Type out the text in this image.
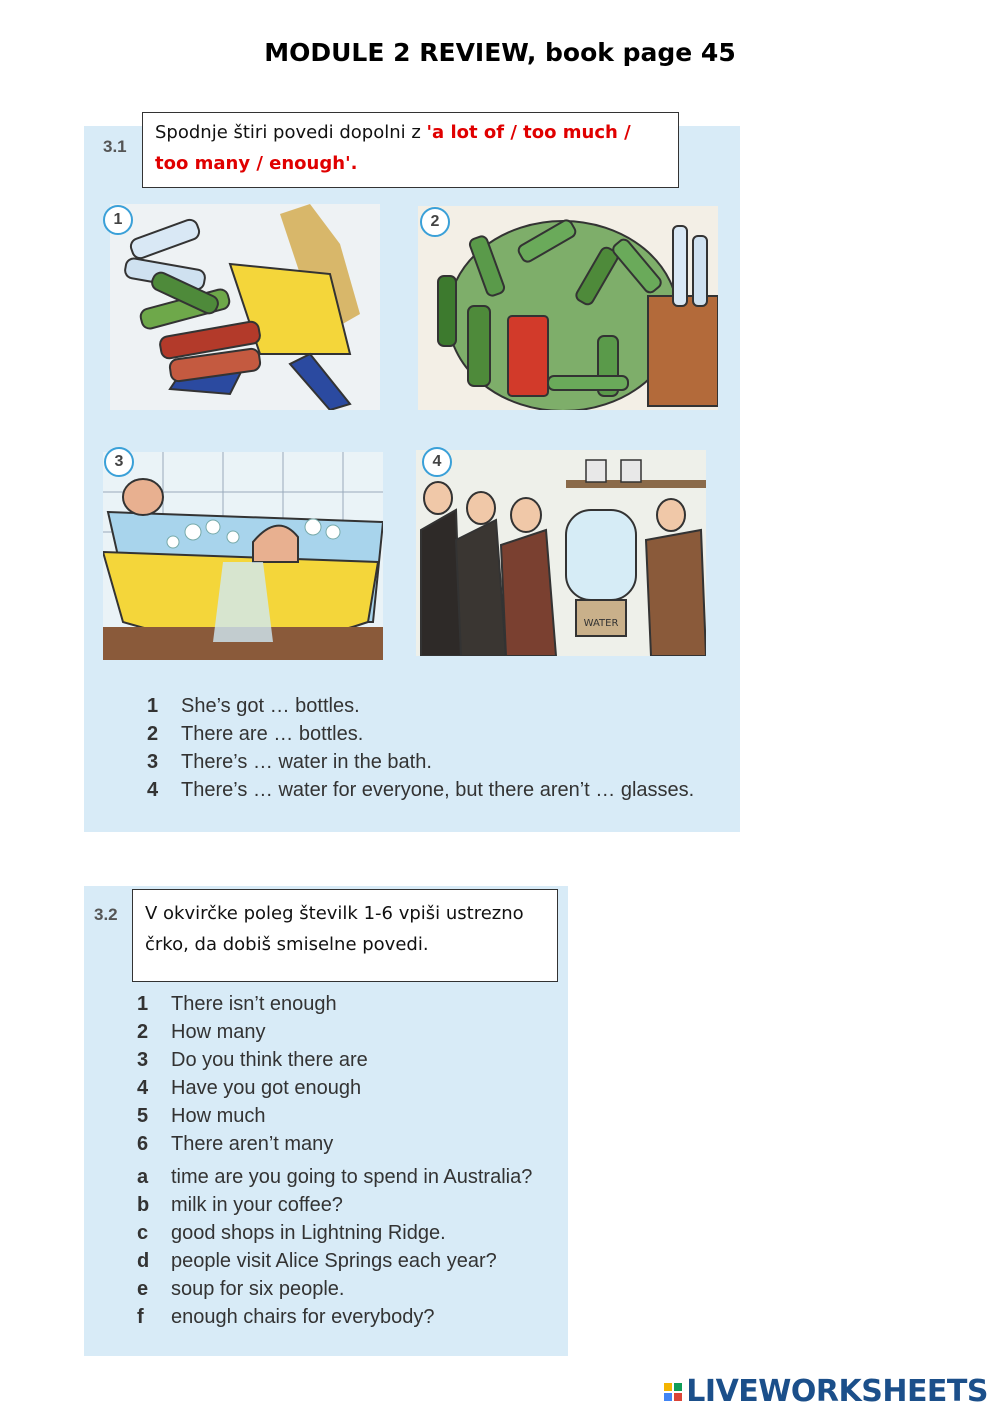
MODULE 2 REVIEW, book page 45
3.1
Spodnje štiri povedi dopolni z 'a lot of / too much / too many / enough'.
1	2
3
WATER
4
1	She’s got … bottles.
2	There are … bottles.
3	There’s … water in the bath.
4	There’s … water for everyone, but there aren’t … glasses.
3.2	V okvirčke poleg številk 1-6 vpiši ustrezno črko, da dobiš smiselne povedi.
1	There isn’t enough
2	How many
3	Do you think there are
4	Have you got enough
5	How much
6	There aren’t many
a	time are you going to spend in Australia?
b	milk in your coffee?
c	good shops in Lightning Ridge.
d	people visit Alice Springs each year?
e	soup for six people.
f	enough chairs for everybody?
LIVEWORKSHEETS
